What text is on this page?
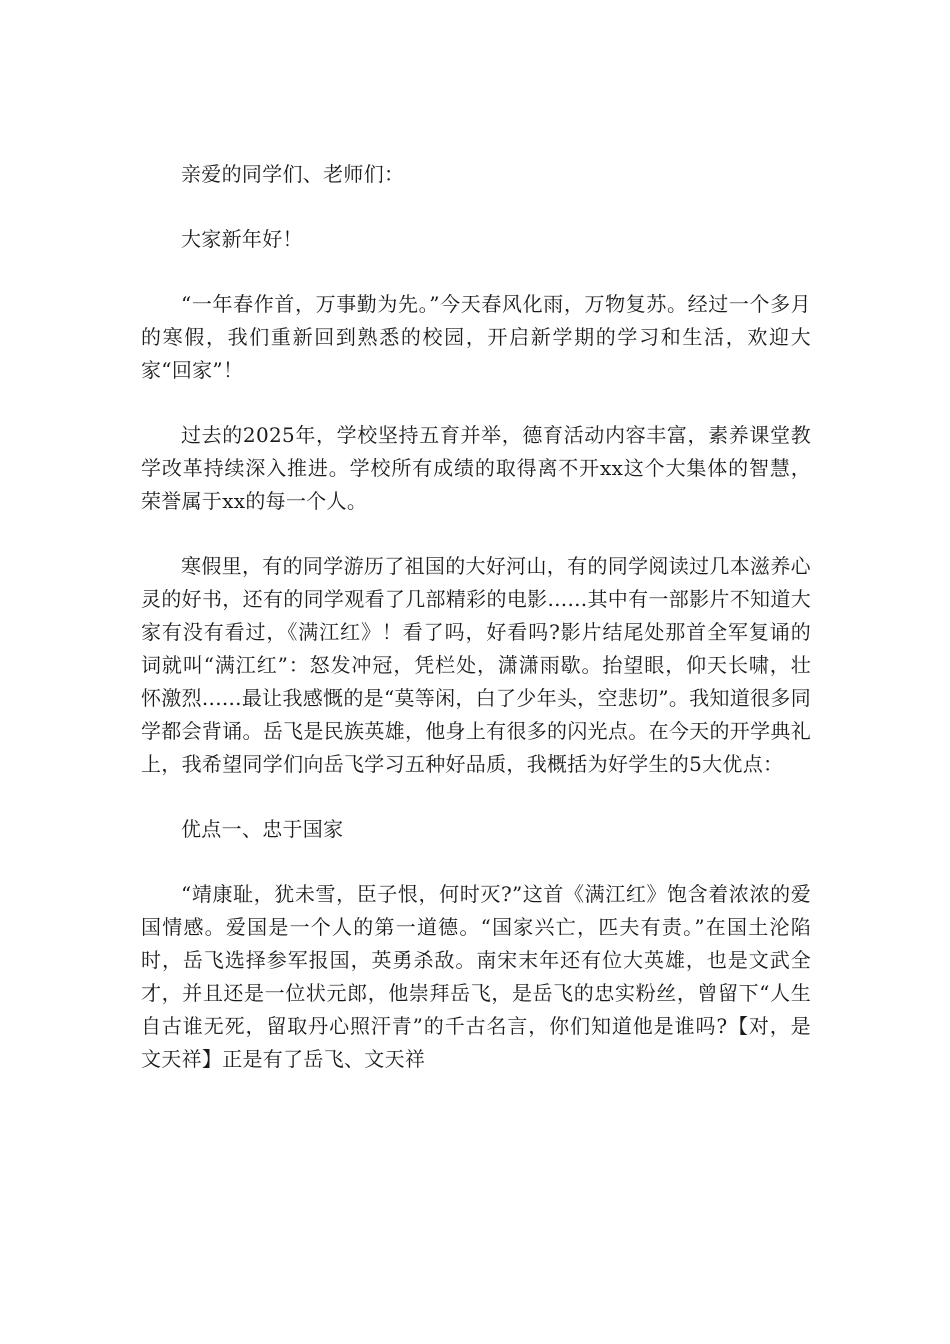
亲爱的同学们、老师们：

大家新年好！

“一年春作首，万事勤为先。”今天春风化雨，万物复苏。经过一个多月的寒假，我们重新回到熟悉的校园，开启新学期的学习和生活，欢迎大家“回家”！

过去的2025年，学校坚持五育并举，德育活动内容丰富，素养课堂教学改革持续深入推进。学校所有成绩的取得离不开xx这个大集体的智慧，荣誉属于xx的每一个人。

寒假里，有的同学游历了祖国的大好河山，有的同学阅读过几本滋养心灵的好书，还有的同学观看了几部精彩的电影......其中有一部影片不知道大家有没有看过，《满江红》！看了吗，好看吗?影片结尾处那首全军复诵的词就叫“满江红”：怒发冲冠，凭栏处，潇潇雨歇。抬望眼，仰天长啸，壮怀激烈......最让我感慨的是“莫等闲，白了少年头，空悲切”。我知道很多同学都会背诵。岳飞是民族英雄，他身上有很多的闪光点。在今天的开学典礼上，我希望同学们向岳飞学习五种好品质，我概括为好学生的5大优点：

优点一、忠于国家

“靖康耻，犹未雪，臣子恨，何时灭?”这首《满江红》饱含着浓浓的爱国情感。爱国是一个人的第一道德。“国家兴亡，匹夫有责。”在国土沦陷时，岳飞选择参军报国，英勇杀敌。南宋末年还有位大英雄，也是文武全才，并且还是一位状元郎，他崇拜岳飞，是岳飞的忠实粉丝，曾留下“人生自古谁无死，留取丹心照汗青”的千古名言，你们知道他是谁吗?【对，是文天祥】正是有了岳飞、文天祥
